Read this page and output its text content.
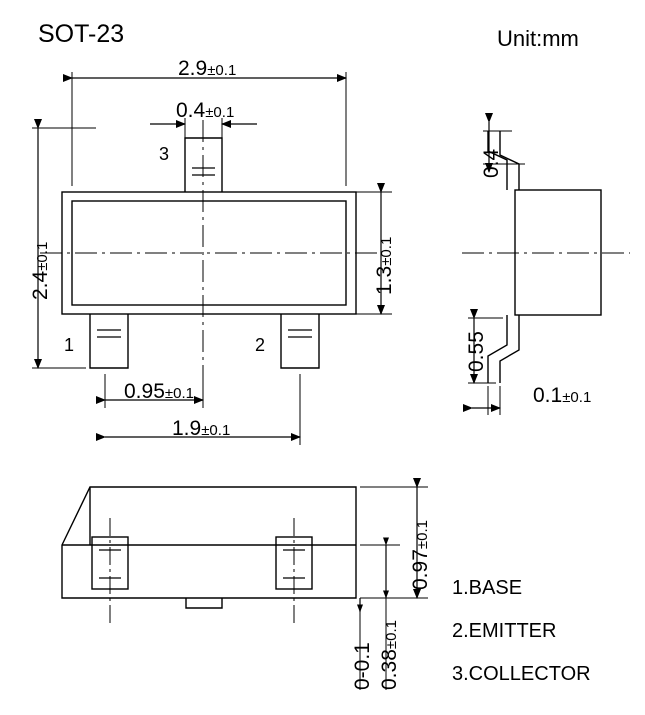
SOT-23	Unit:mm
2.9±0.1
0.4±0.1
2.4±0.1
1.3±0.1
0.95±0.1
1.9±0.1
3
1	2
0.4
0.55
0.1±0.1
0.97±0.1
0.38±0.1
0-0.1
1.BASE
2.EMITTER
3.COLLECTOR
